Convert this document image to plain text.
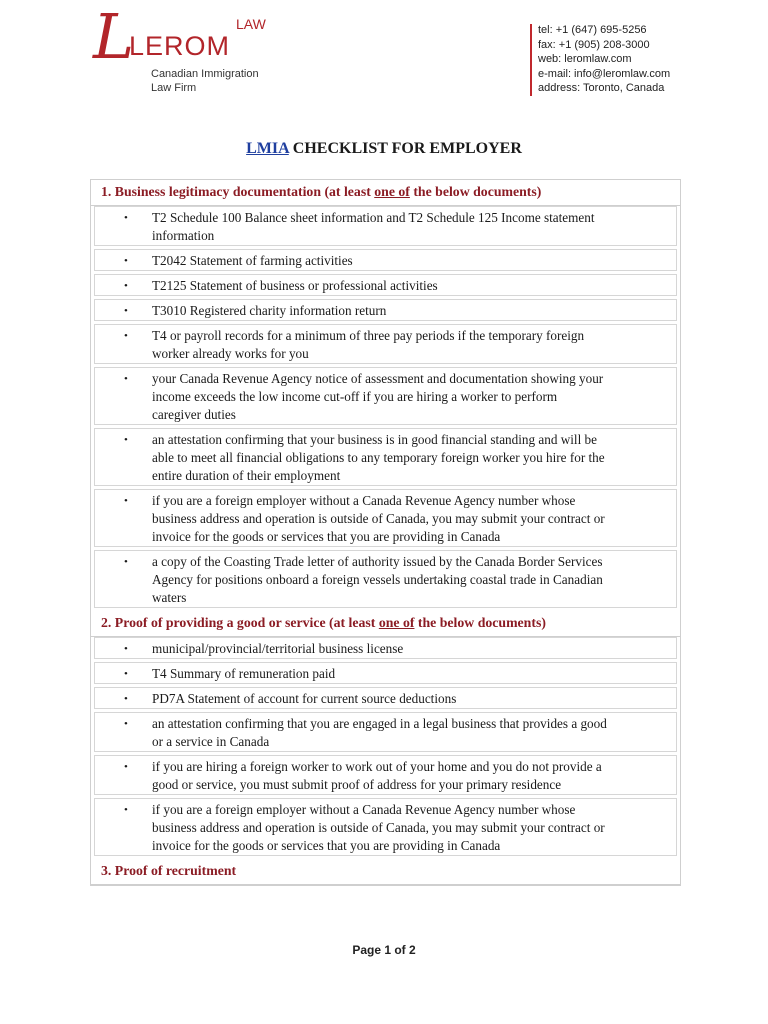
L	LAW
LEROM
Canadian Immigration
Law Firm
tel: +1 (647) 695-5256
fax: +1 (905) 208-3000
web: leromlaw.com
e-mail: info@leromlaw.com
address: Toronto, Canada
LMIA CHECKLIST FOR EMPLOYER
1. Business legitimacy documentation (at least one of the below documents)
• T2 Schedule 100 Balance sheet information and T2 Schedule 125 Income statement
information
• T2042 Statement of farming activities
• T2125 Statement of business or professional activities
• T3010 Registered charity information return
• T4 or payroll records for a minimum of three pay periods if the temporary foreign
worker already works for you
• your Canada Revenue Agency notice of assessment and documentation showing your
income exceeds the low income cut-off if you are hiring a worker to perform
caregiver duties
• an attestation confirming that your business is in good financial standing and will be
able to meet all financial obligations to any temporary foreign worker you hire for the
entire duration of their employment
• if you are a foreign employer without a Canada Revenue Agency number whose
business address and operation is outside of Canada, you may submit your contract or
invoice for the goods or services that you are providing in Canada
• a copy of the Coasting Trade letter of authority issued by the Canada Border Services
Agency for positions onboard a foreign vessels undertaking coastal trade in Canadian
waters
2. Proof of providing a good or service (at least one of the below documents)
• municipal/provincial/territorial business license
• T4 Summary of remuneration paid
• PD7A Statement of account for current source deductions
• an attestation confirming that you are engaged in a legal business that provides a good
or a service in Canada
• if you are hiring a foreign worker to work out of your home and you do not provide a
good or service, you must submit proof of address for your primary residence
• if you are a foreign employer without a Canada Revenue Agency number whose
business address and operation is outside of Canada, you may submit your contract or
invoice for the goods or services that you are providing in Canada
3. Proof of recruitment
Page 1 of 2
